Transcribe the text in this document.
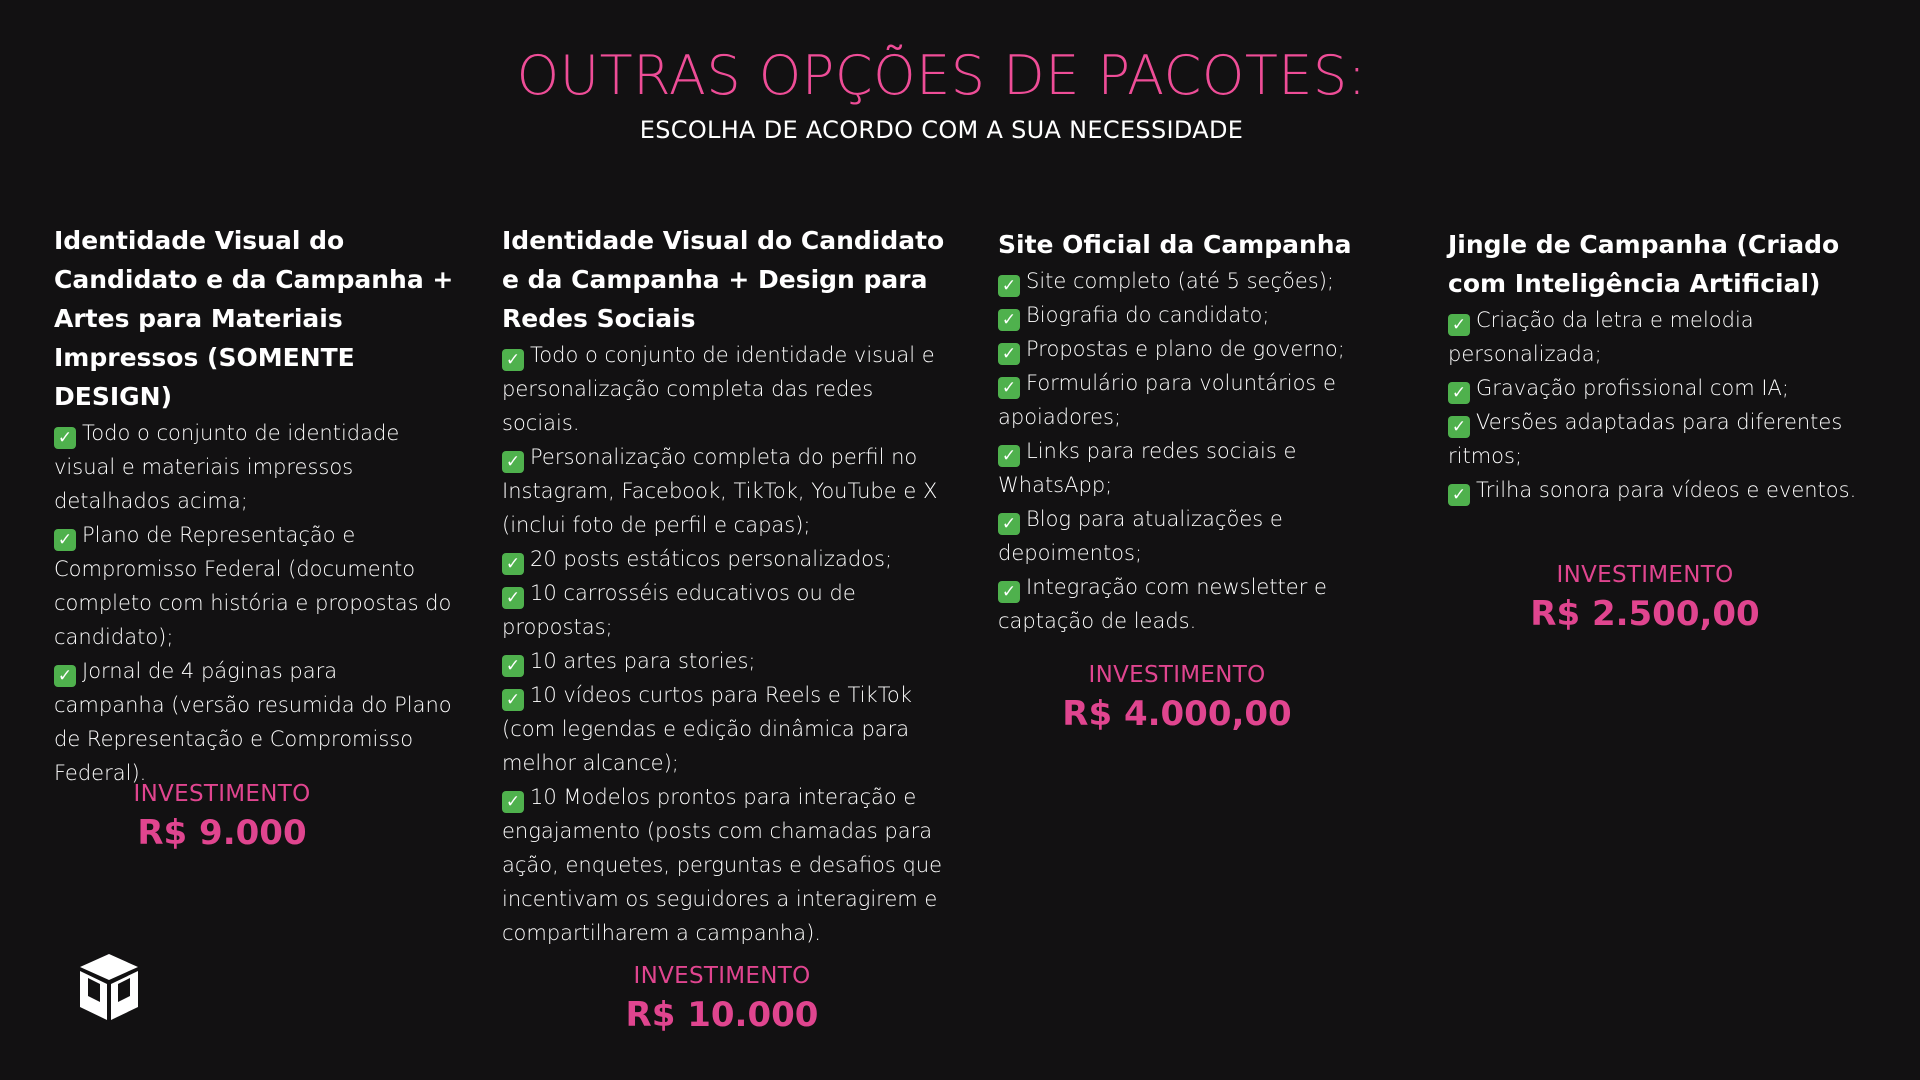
OUTRAS OPÇÕES DE PACOTES:
ESCOLHA DE ACORDO COM A SUA NECESSIDADE
Identidade Visual do Candidato e da Campanha + Artes para Materiais Impressos (SOMENTE DESIGN)
✓ Todo o conjunto de identidade visual e materiais impressos detalhados acima;
✓ Plano de Representação e Compromisso Federal (documento completo com história e propostas do candidato);
✓ Jornal de 4 páginas para campanha (versão resumida do Plano de Representação e Compromisso Federal).
INVESTIMENTO
R$ 9.000
Identidade Visual do Candidato e da Campanha + Design para Redes Sociais
✓ Todo o conjunto de identidade visual e personalização completa das redes sociais.
✓ Personalização completa do perfil no Instagram, Facebook, TikTok, YouTube e X (inclui foto de perfil e capas);
✓ 20 posts estáticos personalizados;
✓ 10 carrosséis educativos ou de propostas;
✓ 10 artes para stories;
✓ 10 vídeos curtos para Reels e TikTok (com legendas e edição dinâmica para melhor alcance);
✓ 10 Modelos prontos para interação e engajamento (posts com chamadas para ação, enquetes, perguntas e desafios que incentivam os seguidores a interagirem e compartilharem a campanha).
INVESTIMENTO
R$ 10.000
Site Oficial da Campanha
✓ Site completo (até 5 seções);
✓ Biografia do candidato;
✓ Propostas e plano de governo;
✓ Formulário para voluntários e apoiadores;
✓ Links para redes sociais e WhatsApp;
✓ Blog para atualizações e depoimentos;
✓ Integração com newsletter e captação de leads.
INVESTIMENTO
R$ 4.000,00
Jingle de Campanha (Criado com Inteligência Artificial)
✓ Criação da letra e melodia personalizada;
✓ Gravação profissional com IA;
✓ Versões adaptadas para diferentes ritmos;
✓ Trilha sonora para vídeos e eventos.
INVESTIMENTO
R$ 2.500,00
